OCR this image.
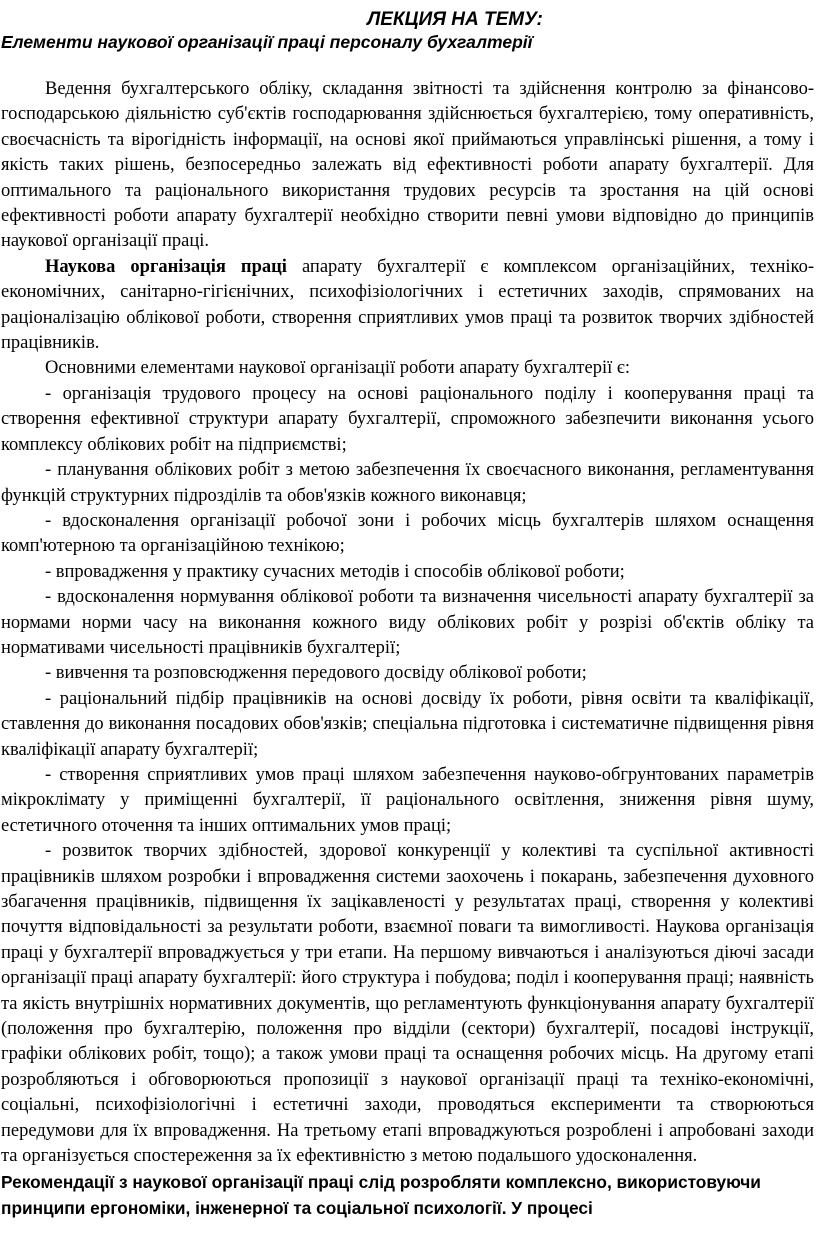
ЛЕКЦИЯ НА ТЕМУ:
Елементи наукової організації праці персоналу бухгалтерії

Ведення бухгалтерського обліку, складання звітності та здійснення контролю за фінансово-господарською діяльністю суб'єктів господарювання здійснюється бухгалтерією, тому оперативність, своєчасність та вірогідність інформації, на основі якої приймаються управлінські рішення, а тому і якість таких рішень, безпосередньо залежать від ефективності роботи апарату бухгалтерії. Для оптимального та раціонального використання трудових ресурсів та зростання на цій основі ефективності роботи апарату бухгалтерії необхідно створити певні умови відповідно до принципів наукової організації праці.

Наукова організація праці апарату бухгалтерії є комплексом організаційних, техніко-економічних, санітарно-гігієнічних, психофізіологічних і естетичних заходів, спрямованих на раціоналізацію облікової роботи, створення сприятливих умов праці та розвиток творчих здібностей працівників.

Основними елементами наукової організації роботи апарату бухгалтерії є:

- організація трудового процесу на основі раціонального поділу і кооперування праці та створення ефективної структури апарату бухгалтерії, спроможного забезпечити виконання усього комплексу облікових робіт на підприємстві;

- планування облікових робіт з метою забезпечення їх своєчасного виконання, регламентування функцій структурних підрозділів та обов'язків кожного виконавця;

- вдосконалення організації робочої зони і робочих місць бухгалтерів шляхом оснащення комп'ютерною та організаційною технікою;

- впровадження у практику сучасних методів і способів облікової роботи;

- вдосконалення нормування облікової роботи та визначення чисельності апарату бухгалтерії за нормами норми часу на виконання кожного виду облікових робіт у розрізі об'єктів обліку та нормативами чисельності працівників бухгалтерії;

- вивчення та розповсюдження передового досвіду облікової роботи;

- раціональний підбір працівників на основі досвіду їх роботи, рівня освіти та кваліфікації, ставлення до виконання посадових обов'язків; спеціальна підготовка і систематичне підвищення рівня кваліфікації апарату бухгалтерії;

- створення сприятливих умов праці шляхом забезпечення науково-обгрунтованих параметрів мікроклімату у приміщенні бухгалтерії, її раціонального освітлення, зниження рівня шуму, естетичного оточення та інших оптимальних умов праці;

- розвиток творчих здібностей, здорової конкуренції у колективі та суспільної активності працівників шляхом розробки і впровадження системи заохочень і покарань, забезпечення духовного збагачення працівників, підвищення їх зацікавленості у результатах праці, створення у колективі почуття відповідальності за результати роботи, взаємної поваги та вимогливості. Наукова організація праці у бухгалтерії впроваджується у три етапи. На першому вивчаються і аналізуються діючі засади організації праці апарату бухгалтерії: його структура і побудова; поділ і кооперування праці; наявність та якість внутрішніх нормативних документів, що регламентують функціонування апарату бухгалтерії (положення про бухгалтерію, положення про відділи (сектори) бухгалтерії, посадові інструкції, графіки облікових робіт, тощо); а також умови праці та оснащення робочих місць. На другому етапі розробляються і обговорюються пропозиції з наукової організації праці та техніко-економічні, соціальні, психофізіологічні і естетичні заходи, проводяться експерименти та створюються передумови для їх впровадження. На третьому етапі впроваджуються розроблені і апробовані заходи та організується спостереження за їх ефективністю з метою подальшого удосконалення.

Рекомендації з наукової організації праці слід розробляти комплексно, використовуючи принципи ергономіки, інженерної та соціальної психології. У процесі
